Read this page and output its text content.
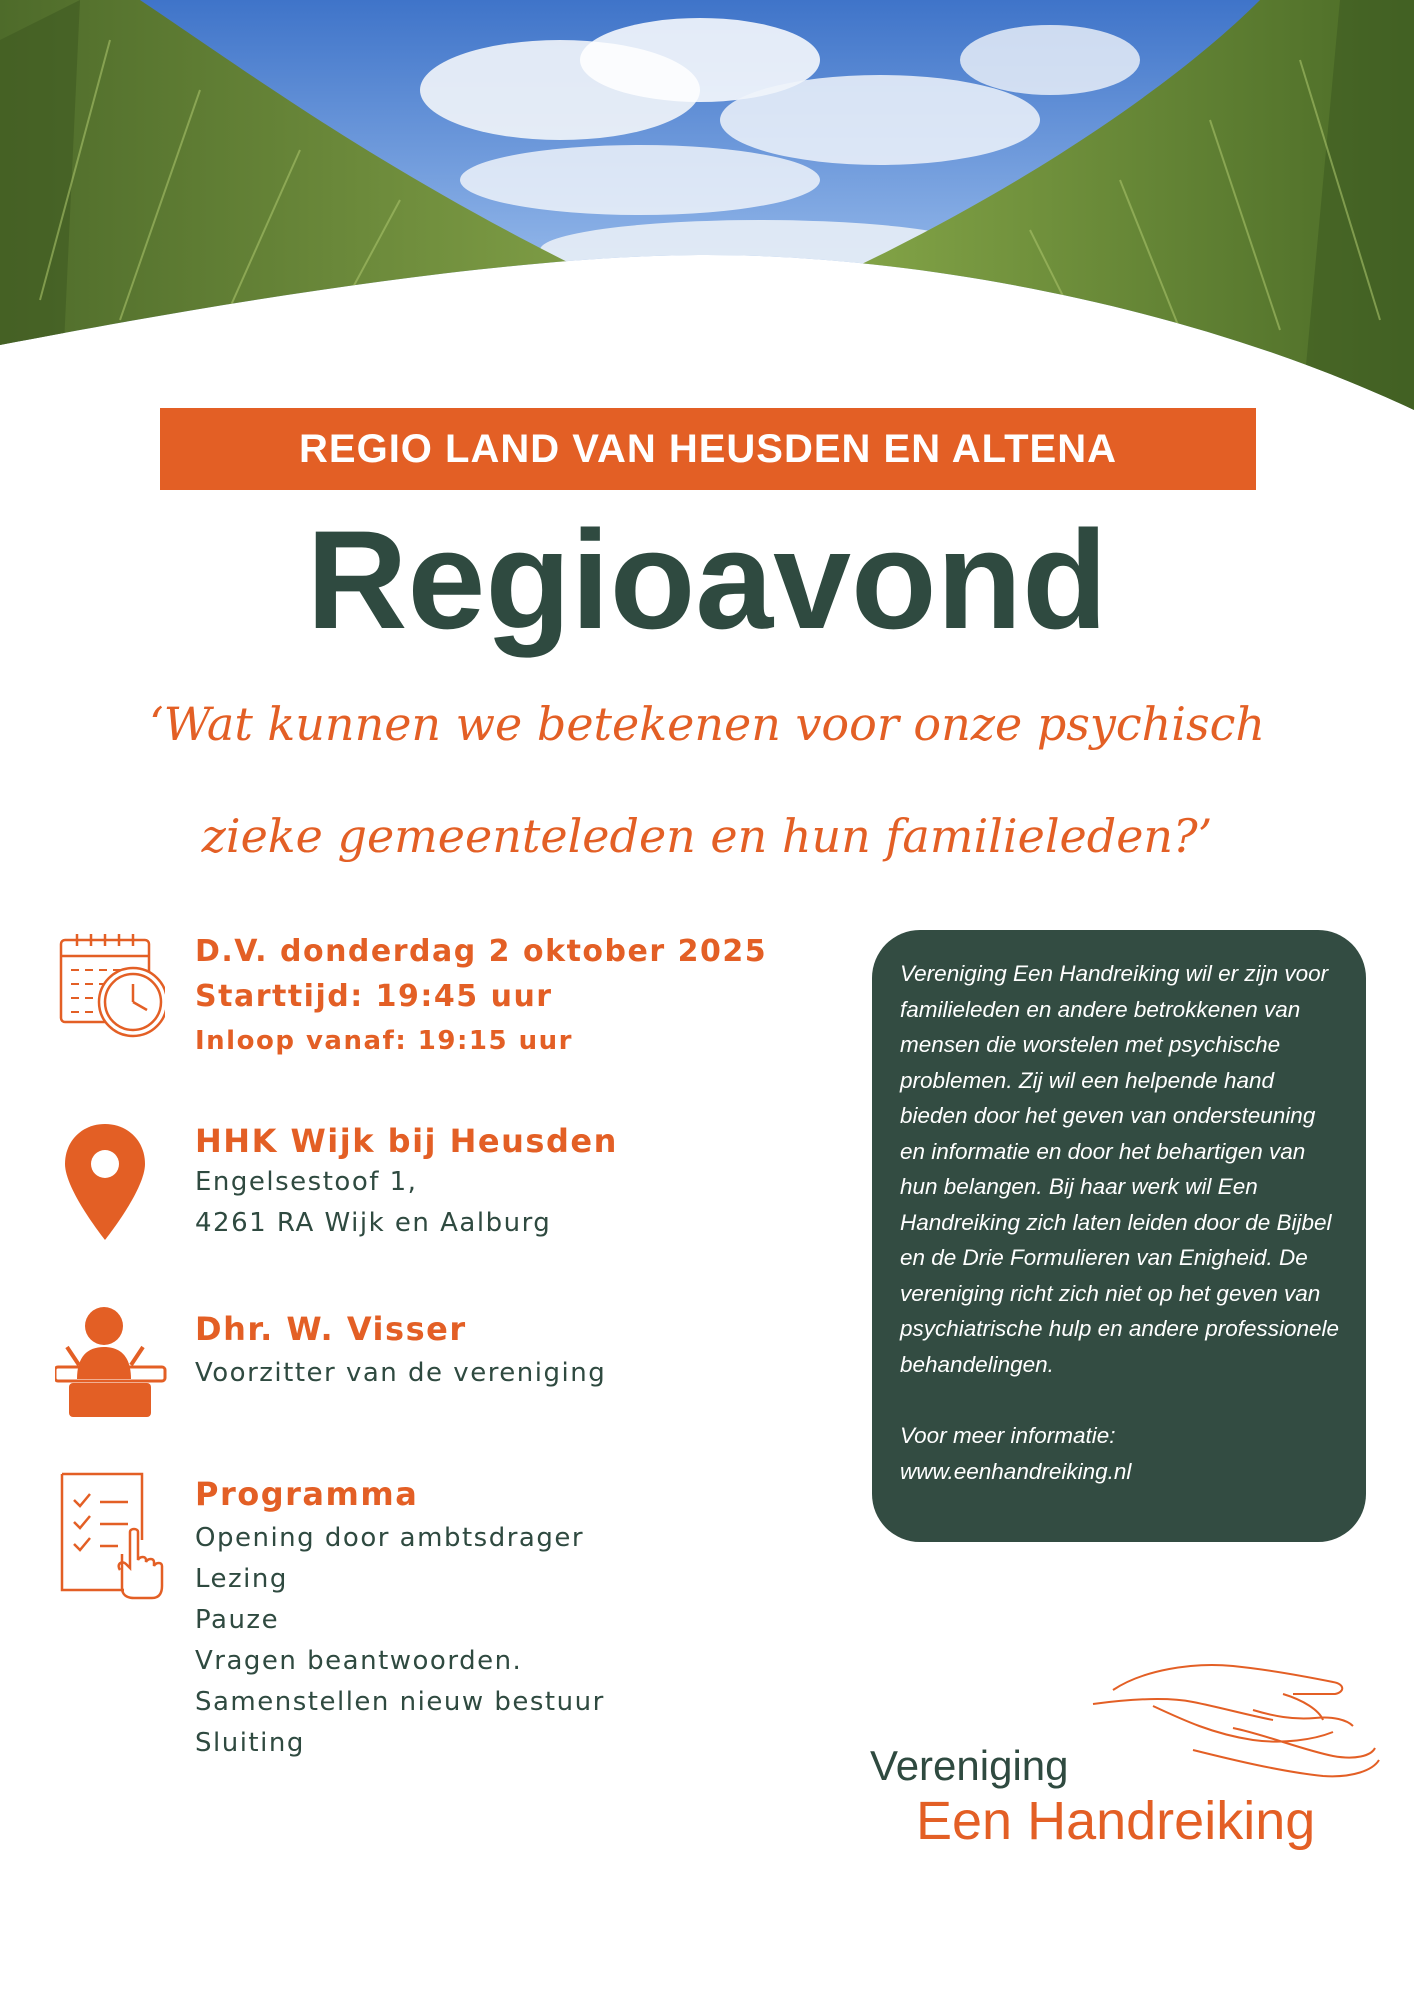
REGIO LAND VAN HEUSDEN EN ALTENA
Regioavond
‘Wat kunnen we betekenen voor onze psychisch
zieke gemeenteleden en hun familieleden?’
D.V. donderdag 2 oktober 2025
Starttijd: 19:45 uur
Inloop vanaf: 19:15 uur
HHK Wijk bij Heusden
Engelsestoof 1,
4261 RA Wijk en Aalburg
Dhr. W. Visser
Voorzitter van de vereniging
Programma
Opening door ambtsdrager
Lezing
Pauze
Vragen beantwoorden.
Samenstellen nieuw bestuur
Sluiting

Vereniging Een Handreiking wil er zijn voor familieleden en andere betrokkenen van mensen die worstelen met psychische problemen. Zij wil een helpende hand bieden door het geven van ondersteuning en informatie en door het behartigen van hun belangen. Bij haar werk wil Een Handreiking zich laten leiden door de Bijbel en de Drie Formulieren van Enigheid. De vereniging richt zich niet op het geven van psychiatrische hulp en andere professionele behandelingen.

Voor meer informatie:

www.eenhandreiking.nl

Vereniging
Een Handreiking
